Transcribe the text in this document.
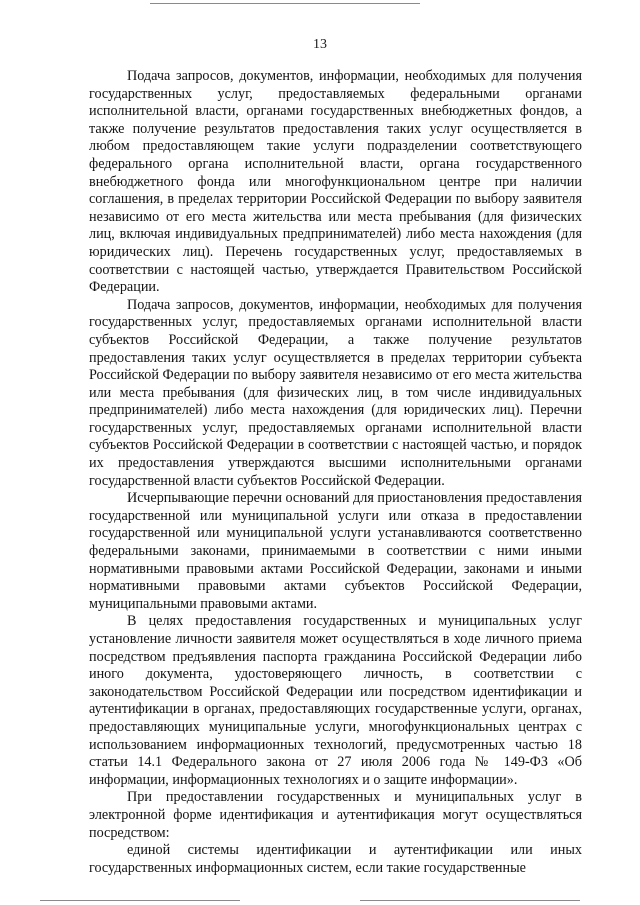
13

Подача запросов, документов, информации, необходимых для получения государственных услуг, предоставляемых федеральными органами исполнительной власти, органами государственных внебюджетных фондов, а также получение результатов предоставления таких услуг осуществляется в любом предоставляющем такие услуги подразделении соответствующего федерального органа исполнительной власти, органа государственного внебюджетного фонда или многофункциональном центре при наличии соглашения, в пределах территории Российской Федерации по выбору заявителя независимо от его места жительства или места пребывания (для физических лиц, включая индивидуальных предпринимателей) либо места нахождения (для юридических лиц). Перечень государственных услуг, предоставляемых в соответствии с настоящей частью, утверждается Правительством Российской Федерации.

Подача запросов, документов, информации, необходимых для получения государственных услуг, предоставляемых органами исполнительной власти субъектов Российской Федерации, а также получение результатов предоставления таких услуг осуществляется в пределах территории субъекта Российской Федерации по выбору заявителя независимо от его места жительства или места пребывания (для физических лиц, в том числе индивидуальных предпринимателей) либо места нахождения (для юридических лиц). Перечни государственных услуг, предоставляемых органами исполнительной власти субъектов Российской Федерации в соответствии с настоящей частью, и порядок их предоставления утверждаются высшими исполнительными органами государственной власти субъектов Российской Федерации.

Исчерпывающие перечни оснований для приостановления предоставления государственной или муниципальной услуги или отказа в предоставлении государственной или муниципальной услуги устанавливаются соответственно федеральными законами, принимаемыми в соответствии с ними иными нормативными правовыми актами Российской Федерации, законами и иными нормативными правовыми актами субъектов Российской Федерации, муниципальными правовыми актами.

В целях предоставления государственных и муниципальных услуг установление личности заявителя может осуществляться в ходе личного приема посредством предъявления паспорта гражданина Российской Федерации либо иного документа, удостоверяющего личность, в соответствии с законодательством Российской Федерации или посредством идентификации и аутентификации в органах, предоставляющих государственные услуги, органах, предоставляющих муниципальные услуги, многофункциональных центрах с использованием информационных технологий, предусмотренных частью 18 статьи 14.1 Федерального закона от 27 июля 2006 года № 149-ФЗ «Об информации, информационных технологиях и о защите информации».

При предоставлении государственных и муниципальных услуг в электронной форме идентификация и аутентификация могут осуществляться посредством:

единой системы идентификации и аутентификации или иных государственных информационных систем, если такие государственные
